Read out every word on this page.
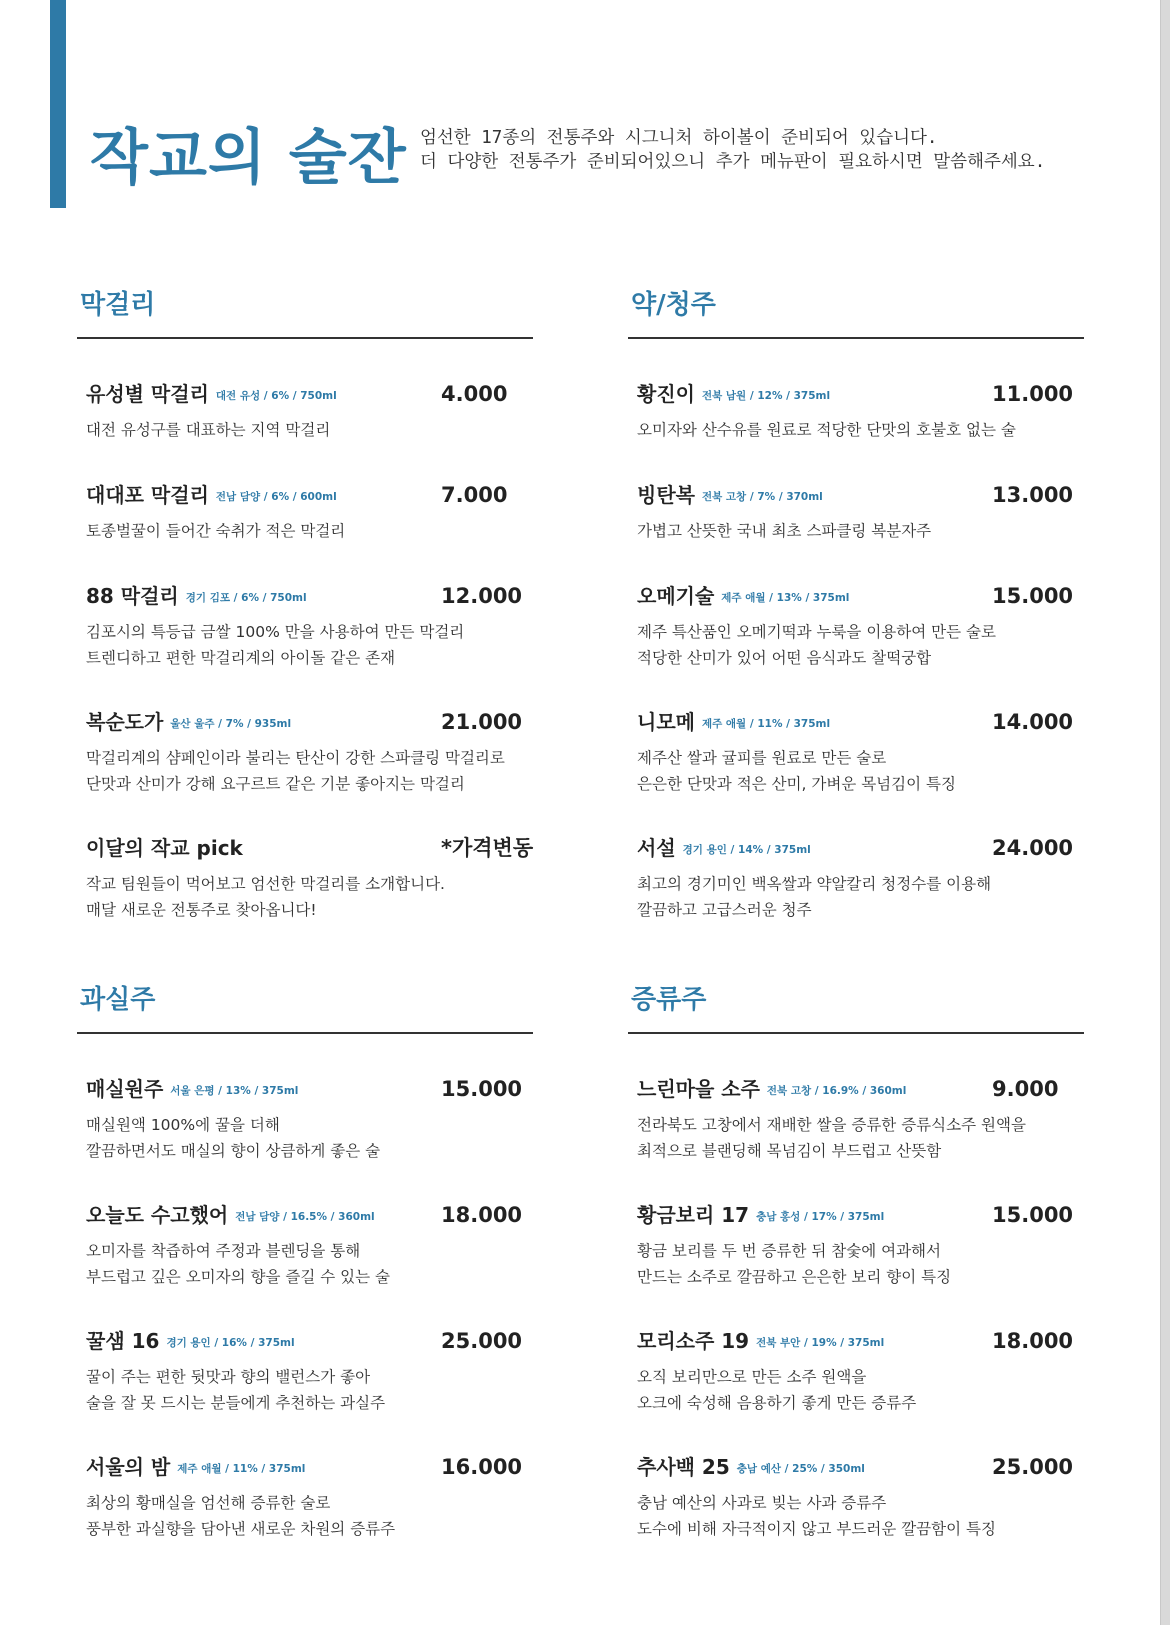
작교의 술잔 엄선한 17종의 전통주와 시그니처 하이볼이 준비되어 있습니다.
더 다양한 전통주가 준비되어있으니 추가 메뉴판이 필요하시면 말씀해주세요.
막걸리
유성별 막걸리 대전 유성 / 6% / 750ml	4.000
대전 유성구를 대표하는 지역 막걸리
대대포 막걸리 전남 담양 / 6% / 600ml	7.000
토종벌꿀이 들어간 숙취가 적은 막걸리
88 막걸리 경기 김포 / 6% / 750ml	12.000
김포시의 특등급 금쌀 100% 만을 사용하여 만든 막걸리
트렌디하고 편한 막걸리계의 아이돌 같은 존재
복순도가 울산 울주 / 7% / 935ml	21.000
막걸리계의 샴페인이라 불리는 탄산이 강한 스파클링 막걸리로
단맛과 산미가 강해 요구르트 같은 기분 좋아지는 막걸리
이달의 작교 pick	*가격변동
작교 팀원들이 먹어보고 엄선한 막걸리를 소개합니다.
매달 새로운 전통주로 찾아옵니다!
약/청주
황진이 전북 남원 / 12% / 375ml	11.000
오미자와 산수유를 원료로 적당한 단맛의 호불호 없는 술
빙탄복 전북 고창 / 7% / 370ml	13.000
가볍고 산뜻한 국내 최초 스파클링 복분자주
오메기술 제주 애월 / 13% / 375ml	15.000
제주 특산품인 오메기떡과 누룩을 이용하여 만든 술로
적당한 산미가 있어 어떤 음식과도 찰떡궁합
니모메 제주 애월 / 11% / 375ml	14.000
제주산 쌀과 귤피를 원료로 만든 술로
은은한 단맛과 적은 산미, 가벼운 목넘김이 특징
서설 경기 용인 / 14% / 375ml	24.000
최고의 경기미인 백옥쌀과 약알칼리 청정수를 이용해
깔끔하고 고급스러운 청주
과실주
매실원주 서울 은평 / 13% / 375ml	15.000
매실원액 100%에 꿀을 더해
깔끔하면서도 매실의 향이 상큼하게 좋은 술
오늘도 수고했어 전남 담양 / 16.5% / 360ml	18.000
오미자를 착즙하여 주정과 블렌딩을 통해
부드럽고 깊은 오미자의 향을 즐길 수 있는 술
꿀샘 16 경기 용인 / 16% / 375ml	25.000
꿀이 주는 편한 뒷맛과 향의 밸런스가 좋아
술을 잘 못 드시는 분들에게 추천하는 과실주
서울의 밤 제주 애월 / 11% / 375ml	16.000
최상의 황매실을 엄선해 증류한 술로
풍부한 과실향을 담아낸 새로운 차원의 증류주
증류주
느린마을 소주 전북 고창 / 16.9% / 360ml	9.000
전라북도 고창에서 재배한 쌀을 증류한 증류식소주 원액을
최적으로 블랜딩해 목넘김이 부드럽고 산뜻함
황금보리 17 충남 홍성 / 17% / 375ml	15.000
황금 보리를 두 번 증류한 뒤 참숯에 여과해서
만드는 소주로 깔끔하고 은은한 보리 향이 특징
모리소주 19 전북 부안 / 19% / 375ml	18.000
오직 보리만으로 만든 소주 원액을
오크에 숙성해 음용하기 좋게 만든 증류주
추사백 25 충남 예산 / 25% / 350ml	25.000
충남 예산의 사과로 빚는 사과 증류주
도수에 비해 자극적이지 않고 부드러운 깔끔함이 특징
